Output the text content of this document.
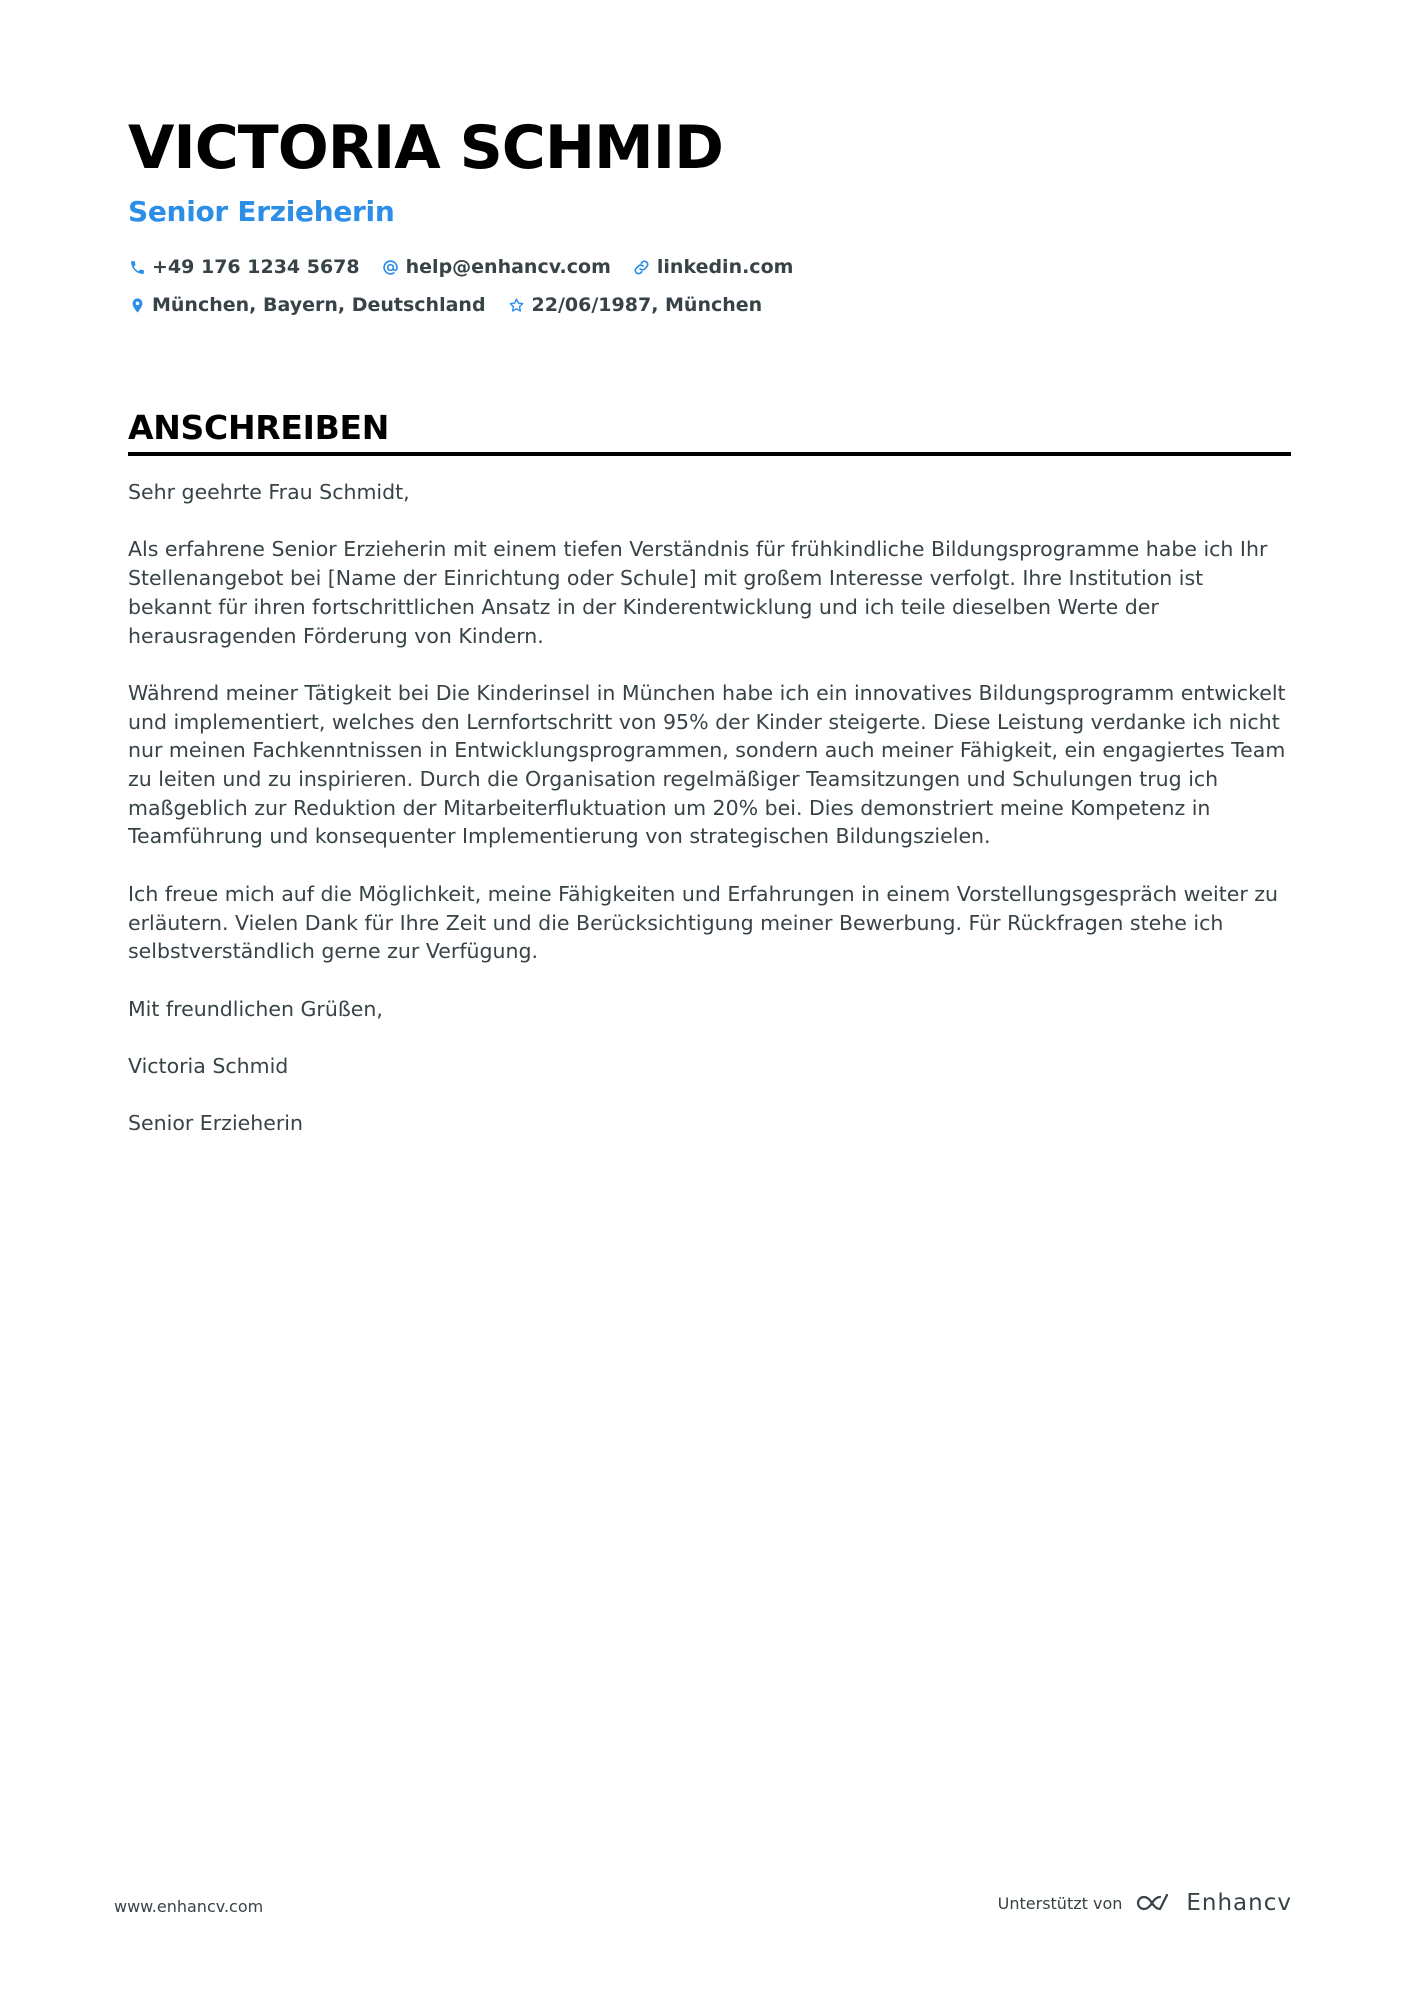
VICTORIA SCHMID
Senior Erzieherin
+49 176 1234 5678 help@enhancv.com linkedin.com
München, Bayern, Deutschland 22/06/1987, München
ANSCHREIBEN

Sehr geehrte Frau Schmidt,

Als erfahrene Senior Erzieherin mit einem tiefen Verständnis für frühkindliche Bildungsprogramme habe ich Ihr Stellenangebot bei [Name der Einrichtung oder Schule] mit großem Interesse verfolgt. Ihre Institution ist bekannt für ihren fortschrittlichen Ansatz in der Kinderentwicklung und ich teile dieselben Werte der herausragenden Förderung von Kindern.

Während meiner Tätigkeit bei Die Kinderinsel in München habe ich ein innovatives Bildungsprogramm entwickelt und implementiert, welches den Lernfortschritt von 95% der Kinder steigerte. Diese Leistung verdanke ich nicht nur meinen Fachkenntnissen in Entwicklungsprogrammen, sondern auch meiner Fähigkeit, ein engagiertes Team zu leiten und zu inspirieren. Durch die Organisation regelmäßiger Teamsitzungen und Schulungen trug ich maßgeblich zur Reduktion der Mitarbeiterfluktuation um 20% bei. Dies demonstriert meine Kompetenz in Teamführung und konsequenter Implementierung von strategischen Bildungszielen.

Ich freue mich auf die Möglichkeit, meine Fähigkeiten und Erfahrungen in einem Vorstellungsgespräch weiter zu erläutern. Vielen Dank für Ihre Zeit und die Berücksichtigung meiner Bewerbung. Für Rückfragen stehe ich selbstverständlich gerne zur Verfügung.

Mit freundlichen Grüßen,

Victoria Schmid

Senior Erzieherin

www.enhancv.com	Unterstützt von	Enhancv
